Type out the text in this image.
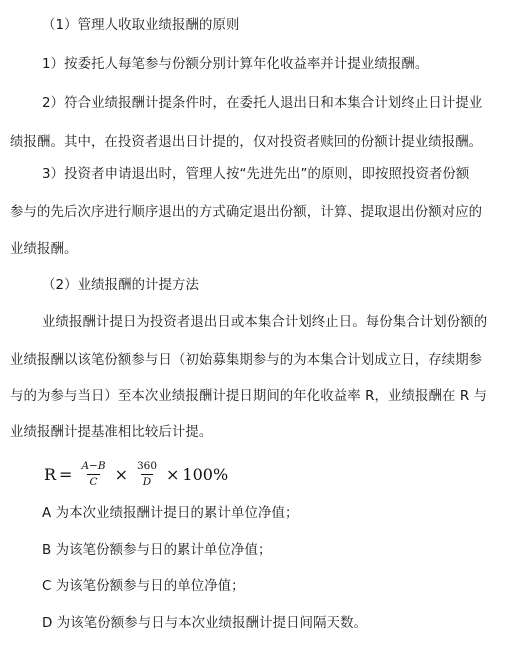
（1）管理人收取业绩报酬的原则
1）按委托人每笔参与份额分别计算年化收益率并计提业绩报酬。
2）符合业绩报酬计提条件时，在委托人退出日和本集合计划终止日计提业
绩报酬。其中，在投资者退出日计提的，仅对投资者赎回的份额计提业绩报酬。
3）投资者申请退出时，管理人按“先进先出”的原则，即按照投资者份额
参与的先后次序进行顺序退出的方式确定退出份额，计算、提取退出份额对应的
业绩报酬。
（2）业绩报酬的计提方法
业绩报酬计提日为投资者退出日或本集合计划终止日。每份集合计划份额的
业绩报酬以该笔份额参与日（初始募集期参与的为本集合计划成立日，存续期参
与的为参与当日）至本次业绩报酬计提日期间的年化收益率 R，业绩报酬在 R 与
业绩报酬计提基准相比较后计提。
$R = \frac{A-B}{C} \times \frac{360}{D} \times 100\%$
A 为本次业绩报酬计提日的累计单位净值；
B 为该笔份额参与日的累计单位净值；
C 为该笔份额参与日的单位净值；
D 为该笔份额参与日与本次业绩报酬计提日间隔天数。
